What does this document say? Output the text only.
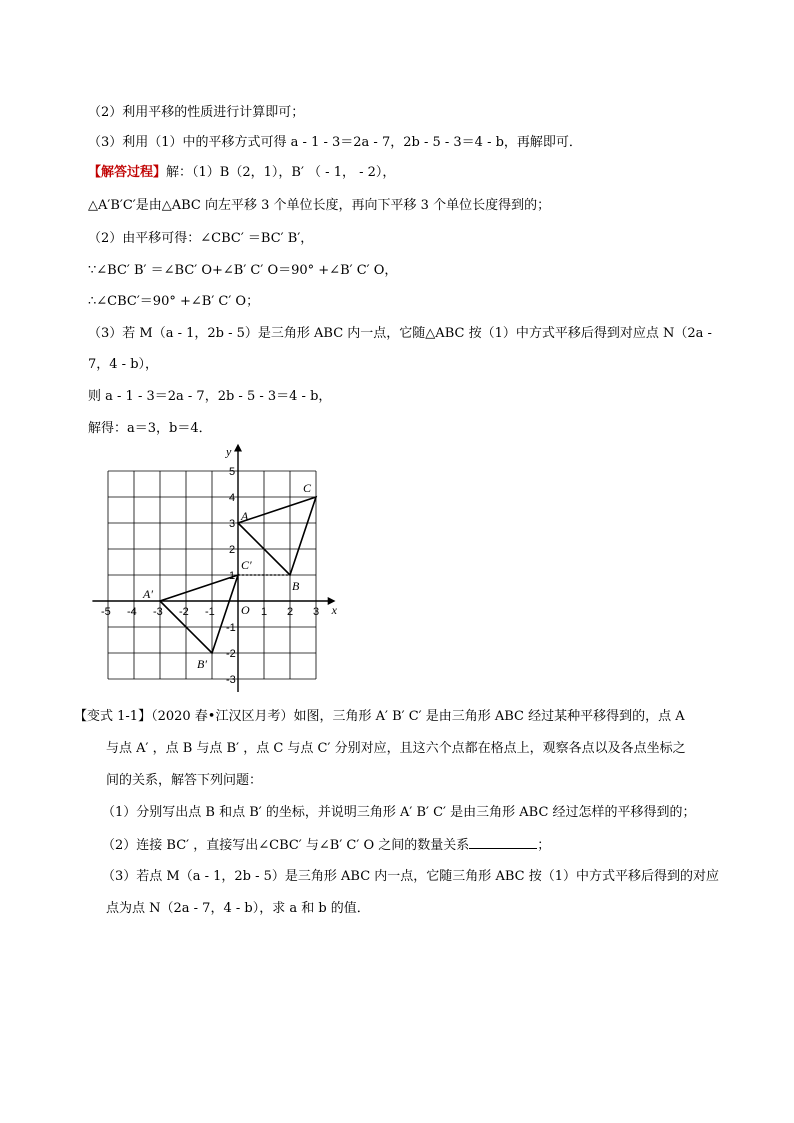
（2）利用平移的性质进行计算即可；
（3）利用（1）中的平移方式可得 a - 1 - 3＝2a - 7，2b - 5 - 3＝4 - b，再解即可．
【解答过程】解：（1）B（2，1），B′ （ - 1， - 2），
△A′B′C′是由△ABC 向左平移 3 个单位长度，再向下平移 3 个单位长度得到的；
（2）由平移可得：∠CBC′ ＝BC′ B′，
∵∠BC′ B′ ＝∠BC′ O+∠B′ C′ O＝90° +∠B′ C′ O，
∴∠CBC′＝90° +∠B′ C′ O；
（3）若 M（a - 1，2b - 5）是三角形 ABC 内一点，它随△ABC 按（1）中方式平移后得到对应点 N（2a -
7，4 - b），
则 a - 1 - 3＝2a - 7，2b - 5 - 3＝4 - b，
解得：a＝3，b＝4．
-5 -4 -3 -2 -1	1 2 3
5
4
3
2
1
-1
-2
-3
x
y
O
A
B
C
A′
B′
C′
【变式 1-1】（2020 春•江汉区月考）如图，三角形 A′ B′ C′ 是由三角形 ABC 经过某种平移得到的，点 A
与点 A′ ，点 B 与点 B′ ，点 C 与点 C′ 分别对应，且这六个点都在格点上，观察各点以及各点坐标之
间的关系，解答下列问题：
（1）分别写出点 B 和点 B′ 的坐标，并说明三角形 A′ B′ C′ 是由三角形 ABC 经过怎样的平移得到的；
（2）连接 BC′ ，直接写出∠CBC′ 与∠B′ C′ O 之间的数量关系	；
（3）若点 M（a - 1，2b - 5）是三角形 ABC 内一点，它随三角形 ABC 按（1）中方式平移后得到的对应
点为点 N（2a - 7，4 - b），求 a 和 b 的值．
